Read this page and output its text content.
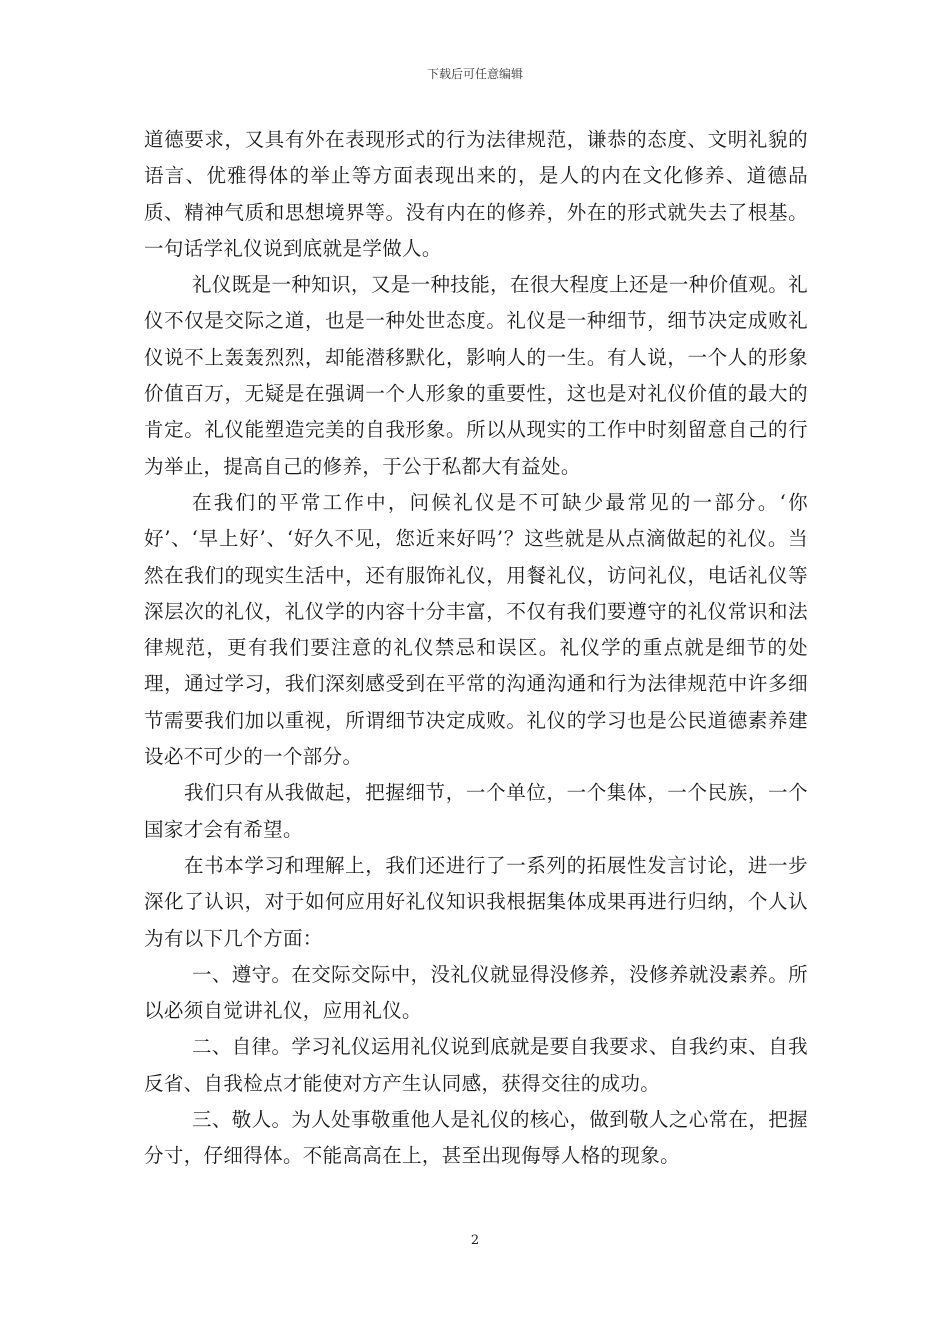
下载后可任意编辑

道德要求，又具有外在表现形式的行为法律规范，谦恭的态度、文明礼貌的语言、优雅得体的举止等方面表现出来的，是人的内在文化修养、道德品质、精神气质和思想境界等。没有内在的修养，外在的形式就失去了根基。一句话学礼仪说到底就是学做人。

礼仪既是一种知识，又是一种技能，在很大程度上还是一种价值观。礼仪不仅是交际之道，也是一种处世态度。礼仪是一种细节，细节决定成败礼仪说不上轰轰烈烈，却能潜移默化，影响人的一生。有人说，一个人的形象价值百万，无疑是在强调一个人形象的重要性，这也是对礼仪价值的最大的肯定。礼仪能塑造完美的自我形象。所以从现实的工作中时刻留意自己的行为举止，提高自己的修养，于公于私都大有益处。

在我们的平常工作中，问候礼仪是不可缺少最常见的一部分。‘你好’、‘早上好’、‘好久不见，您近来好吗’？这些就是从点滴做起的礼仪。当然在我们的现实生活中，还有服饰礼仪，用餐礼仪，访问礼仪，电话礼仪等深层次的礼仪，礼仪学的内容十分丰富，不仅有我们要遵守的礼仪常识和法律规范，更有我们要注意的礼仪禁忌和误区。礼仪学的重点就是细节的处理，通过学习，我们深刻感受到在平常的沟通沟通和行为法律规范中许多细节需要我们加以重视，所谓细节决定成败。礼仪的学习也是公民道德素养建设必不可少的一个部分。

我们只有从我做起，把握细节，一个单位，一个集体，一个民族，一个国家才会有希望。

在书本学习和理解上，我们还进行了一系列的拓展性发言讨论，进一步深化了认识，对于如何应用好礼仪知识我根据集体成果再进行归纳，个人认为有以下几个方面：

一、遵守。在交际交际中，没礼仪就显得没修养，没修养就没素养。所以必须自觉讲礼仪，应用礼仪。

二、自律。学习礼仪运用礼仪说到底就是要自我要求、自我约束、自我反省、自我检点才能使对方产生认同感，获得交往的成功。

三、敬人。为人处事敬重他人是礼仪的核心，做到敬人之心常在，把握分寸，仔细得体。不能高高在上，甚至出现侮辱人格的现象。

2
